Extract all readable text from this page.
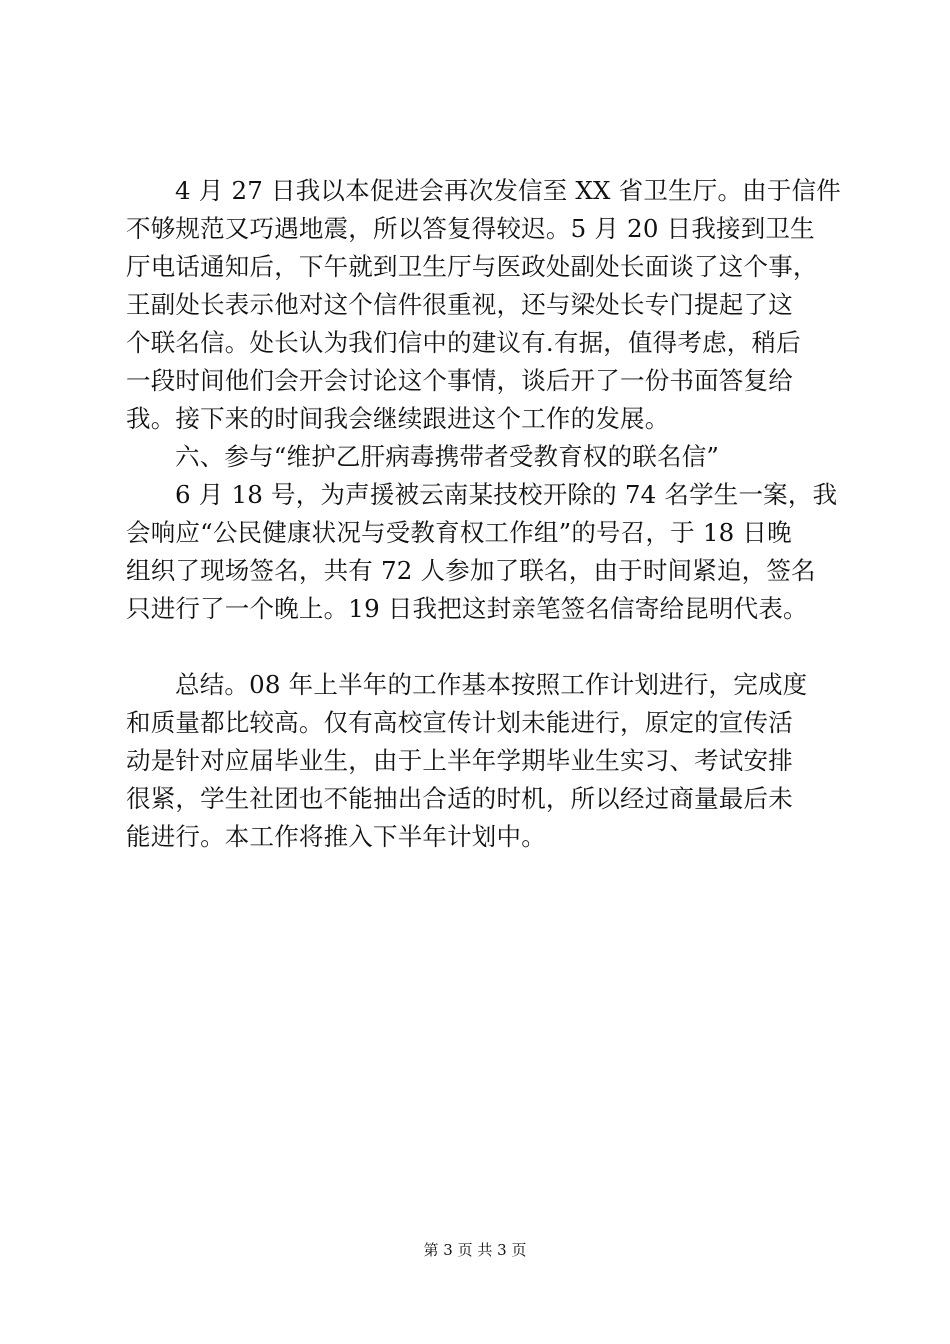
4 月 27 日我以本促进会再次发信至 XX 省卫生厅。由于信件
不够规范又巧遇地震，所以答复得较迟。5 月 20 日我接到卫生
厅电话通知后，下午就到卫生厅与医政处副处长面谈了这个事，
王副处长表示他对这个信件很重视，还与梁处长专门提起了这
个联名信。处长认为我们信中的建议有.有据，值得考虑，稍后
一段时间他们会开会讨论这个事情，谈后开了一份书面答复给
我。接下来的时间我会继续跟进这个工作的发展。
六、参与“维护乙肝病毒携带者受教育权的联名信”
6 月 18 号，为声援被云南某技校开除的 74 名学生一案，我
会响应“公民健康状况与受教育权工作组”的号召，于 18 日晚
组织了现场签名，共有 72 人参加了联名，由于时间紧迫，签名
只进行了一个晚上。19 日我把这封亲笔签名信寄给昆明代表。
总结。08 年上半年的工作基本按照工作计划进行，完成度
和质量都比较高。仅有高校宣传计划未能进行，原定的宣传活
动是针对应届毕业生，由于上半年学期毕业生实习、考试安排
很紧，学生社团也不能抽出合适的时机，所以经过商量最后未
能进行。本工作将推入下半年计划中。
第 3 页 共 3 页
